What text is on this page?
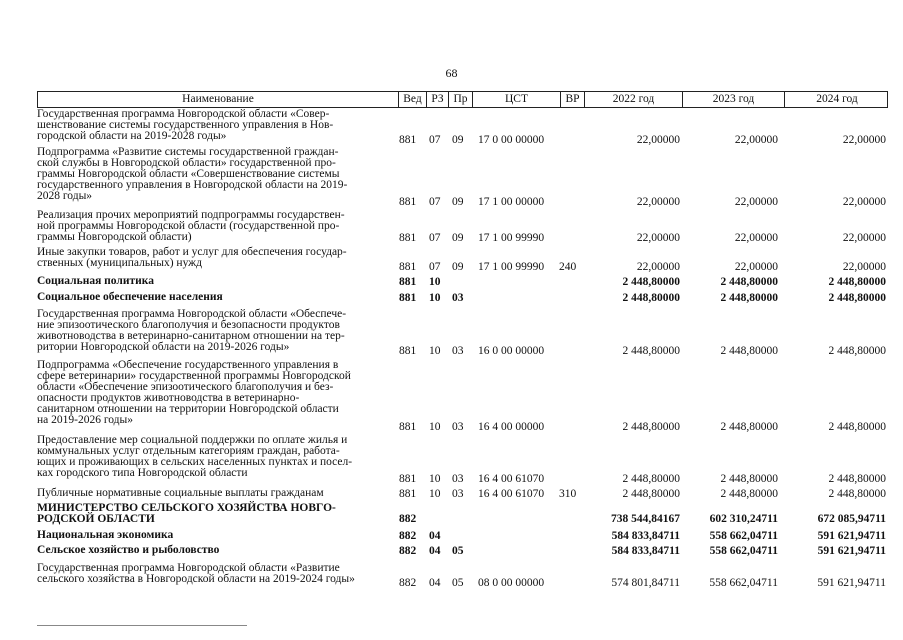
68
Наименование	Вед РЗ Пр	ЦСТ	ВР	2022 год	2023 год	2024 год
Государственная программа Новгородской области «Совер-
шенствование системы государственного управления в Нов-
городской области на 2019-2028 годы»	881 07 09 17 0 00 00000	22,00000	22,00000	22,00000
Подпрограмма «Развитие системы государственной граждан-
ской службы в Новгородской области» государственной про-
граммы Новгородской области «Совершенствование системы
государственного управления в Новгородской области на 2019-
2028 годы»	881 07 09 17 1 00 00000	22,00000	22,00000	22,00000
Реализация прочих мероприятий подпрограммы государствен-
ной программы Новгородской области (государственной про-
граммы Новгородской области)	881 07 09 17 1 00 99990	22,00000	22,00000	22,00000
Иные закупки товаров, работ и услуг для обеспечения государ-
ственных (муниципальных) нужд	881 07 09 17 1 00 99990 240	22,00000	22,00000	22,00000
Социальная политика	881 10	2 448,80000	2 448,80000	2 448,80000
Социальное обеспечение населения	881 10 03	2 448,80000	2 448,80000	2 448,80000
Государственная программа Новгородской области «Обеспече-
ние эпизоотического благополучия и безопасности продуктов
животноводства в ветеринарно-санитарном отношении на тер-
ритории Новгородской области на 2019-2026 годы»	881 10 03 16 0 00 00000	2 448,80000	2 448,80000	2 448,80000
Подпрограмма «Обеспечение государственного управления в
сфере ветеринарии» государственной программы Новгородской
области «Обеспечение эпизоотического благополучия и без-
опасности продуктов животноводства в ветеринарно-
санитарном отношении на территории Новгородской области
на 2019-2026 годы»
881 10 03 16 4 00 00000	2 448,80000	2 448,80000	2 448,80000
Предоставление мер социальной поддержки по оплате жилья и
коммунальных услуг отдельным категориям граждан, работа-
ющих и проживающих в сельских населенных пунктах и посел-
ках городского типа Новгородской области	881 10 03 16 4 00 61070	2 448,80000	2 448,80000	2 448,80000
Публичные нормативные социальные выплаты гражданам	881 10 03 16 4 00 61070 310	2 448,80000	2 448,80000	2 448,80000
МИНИСТЕРСТВО СЕЛЬСКОГО ХОЗЯЙСТВА НОВГО-
РОДСКОЙ ОБЛАСТИ	882	738 544,84167	602 310,24711	672 085,94711
Национальная экономика	882 04	584 833,84711	558 662,04711	591 621,94711
Сельское хозяйство и рыболовство	882 04 05	584 833,84711	558 662,04711	591 621,94711
Государственная программа Новгородской области «Развитие
сельского хозяйства в Новгородской области на 2019-2024 годы»	882 04 05 08 0 00 00000	574 801,84711	558 662,04711	591 621,94711
